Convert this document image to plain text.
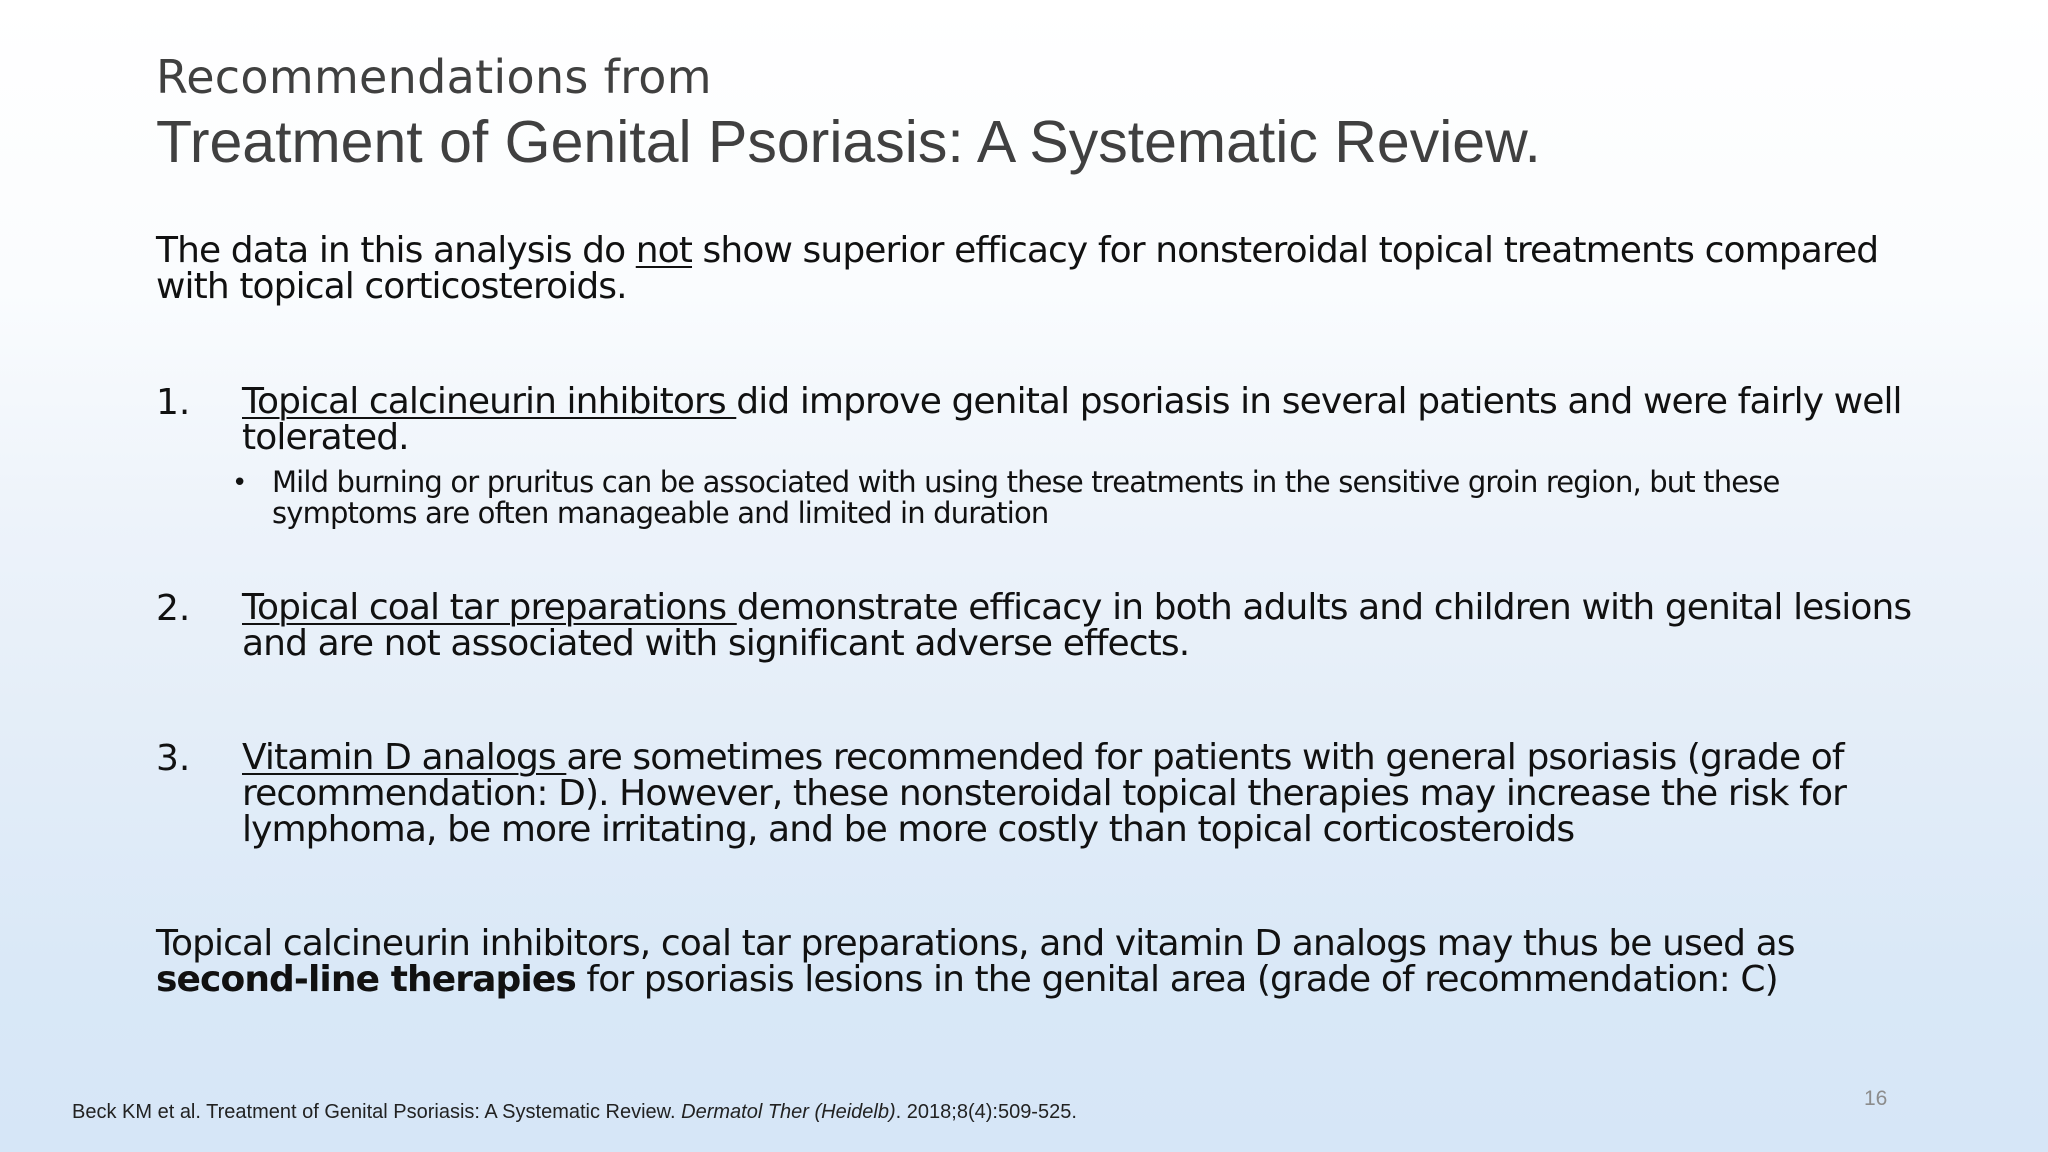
Recommendations from
Treatment of Genital Psoriasis: A Systematic Review.

The data in this analysis do not show superior efficacy for nonsteroidal topical treatments compared with topical corticosteroids.

1. Topical calcineurin inhibitors did improve genital psoriasis in several patients and were fairly well tolerated.

• Mild burning or pruritus can be associated with using these treatments in the sensitive groin region, but these symptoms are often manageable and limited in duration

2. Topical coal tar preparations demonstrate efficacy in both adults and children with genital lesions and are not associated with significant adverse effects.

3. Vitamin D analogs are sometimes recommended for patients with general psoriasis (grade of recommendation: D). However, these nonsteroidal topical therapies may increase the risk for lymphoma, be more irritating, and be more costly than topical corticosteroids

Topical calcineurin inhibitors, coal tar preparations, and vitamin D analogs may thus be used as second-line therapies for psoriasis lesions in the genital area (grade of recommendation: C)

Beck KM et al. Treatment of Genital Psoriasis: A Systematic Review. Dermatol Ther (Heidelb). 2018;8(4):509-525.

16
